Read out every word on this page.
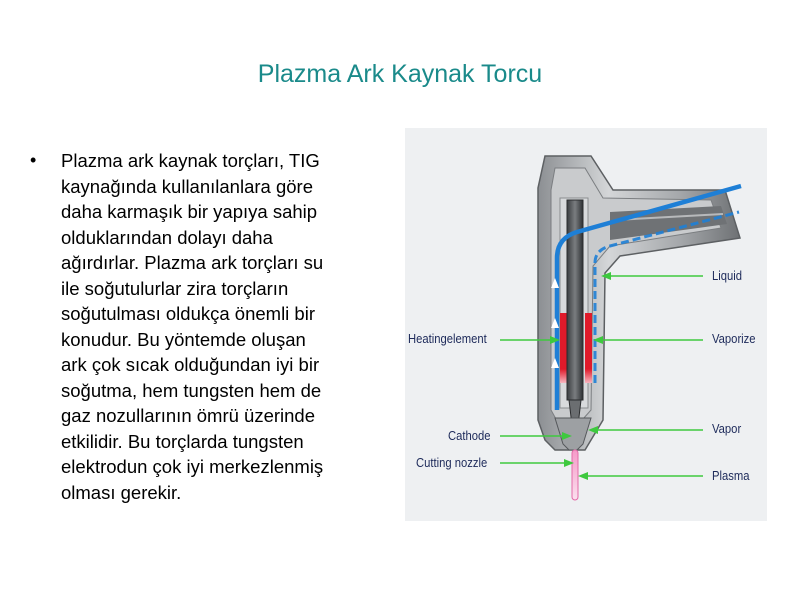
Plazma Ark Kaynak Torcu
• Plazma ark kaynak torçları, TIG
kaynağında kullanılanlara göre
daha karmaşık bir yapıya sahip
olduklarından dolayı daha
ağırdırlar. Plazma ark torçları su
ile soğutulurlar zira torçların
soğutulması oldukça önemli bir
konudur. Bu yöntemde oluşan
ark çok sıcak olduğundan iyi bir
soğutma, hem tungsten hem de
gaz nozullarının ömrü üzerinde
etkilidir. Bu torçlarda tungsten
elektrodun çok iyi merkezlenmiş
olması gerekir.
Liquid
Heatingelement	Vaporize
Cathode	Vapor
Cutting nozzle
Plasma
